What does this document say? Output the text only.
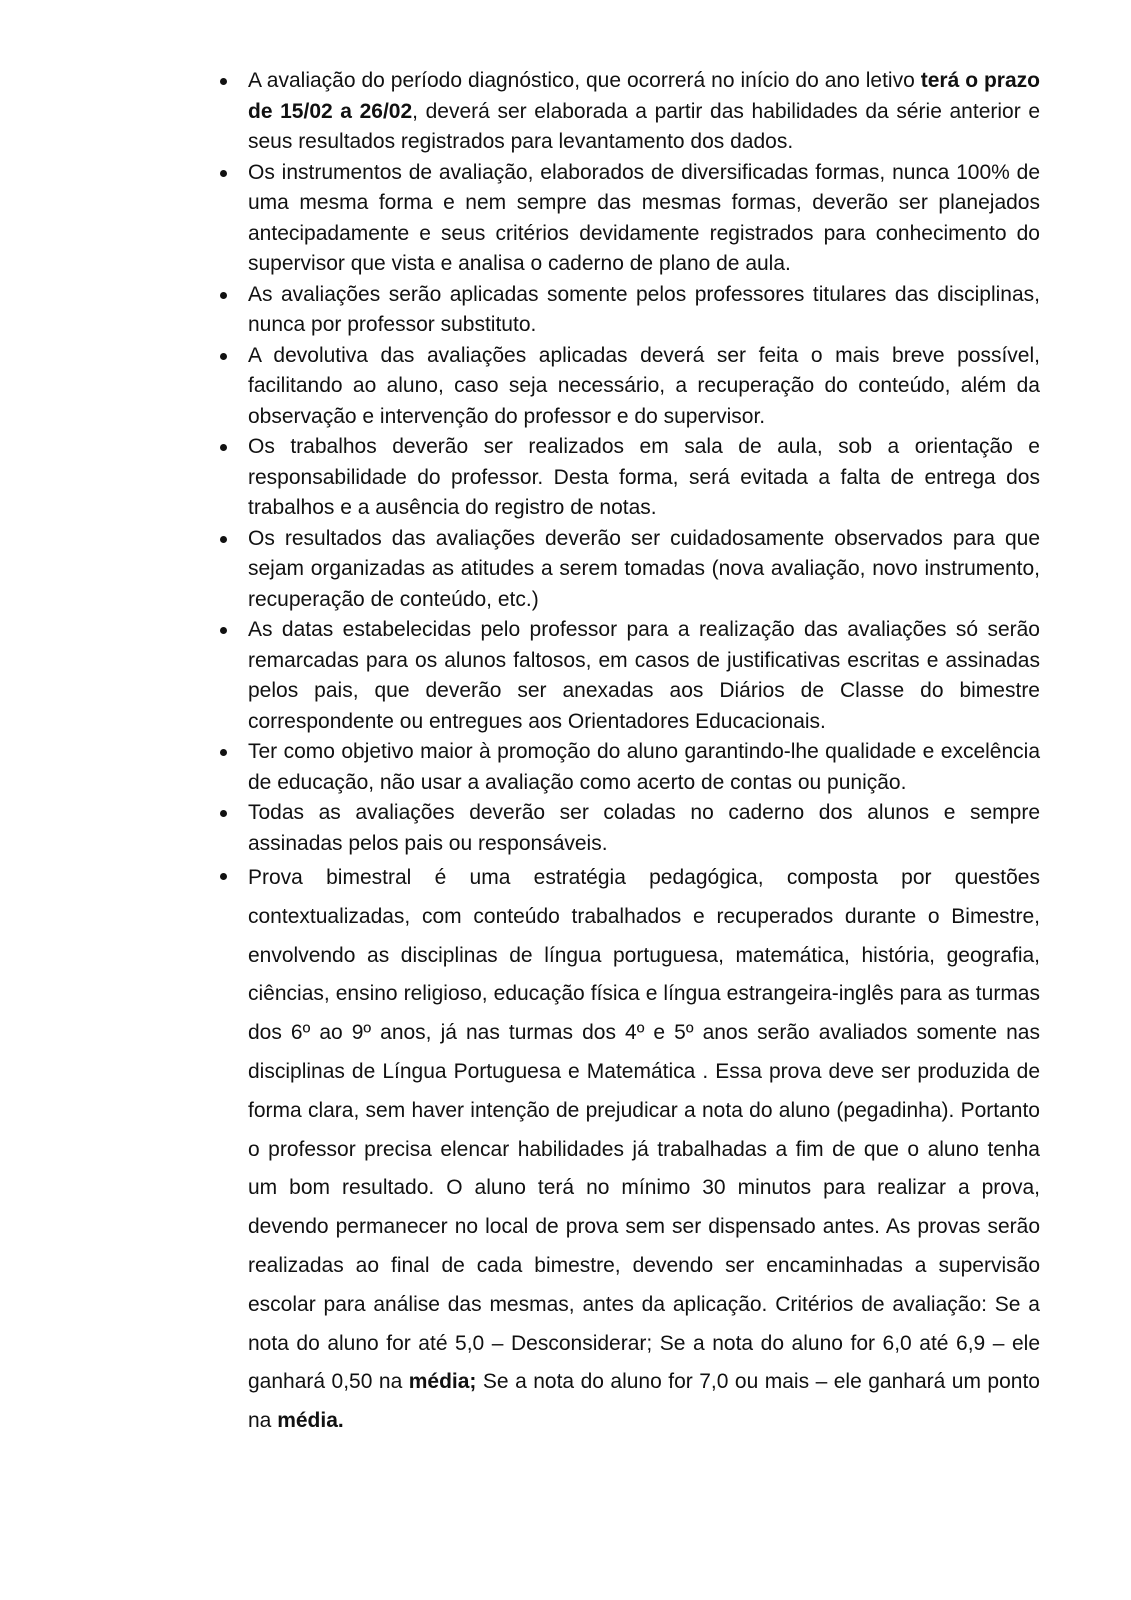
A avaliação do período diagnóstico, que ocorrerá no início do ano letivo terá o prazo de 15/02 a 26/02, deverá ser elaborada a partir das habilidades da série anterior e seus resultados registrados para levantamento dos dados.
Os instrumentos de avaliação, elaborados de diversificadas formas, nunca 100% de uma mesma forma e nem sempre das mesmas formas, deverão ser planejados antecipadamente e seus critérios devidamente registrados para conhecimento do supervisor que vista e analisa o caderno de plano de aula.
As avaliações serão aplicadas somente pelos professores titulares das disciplinas, nunca por professor substituto.
A devolutiva das avaliações aplicadas deverá ser feita o mais breve possível, facilitando ao aluno, caso seja necessário, a recuperação do conteúdo, além da observação e intervenção do professor e do supervisor.
Os trabalhos deverão ser realizados em sala de aula, sob a orientação e responsabilidade do professor. Desta forma, será evitada a falta de entrega dos trabalhos e a ausência do registro de notas.
Os resultados das avaliações deverão ser cuidadosamente observados para que sejam organizadas as atitudes a serem tomadas (nova avaliação, novo instrumento, recuperação de conteúdo, etc.)
As datas estabelecidas pelo professor para a realização das avaliações só serão remarcadas para os alunos faltosos, em casos de justificativas escritas e assinadas pelos pais, que deverão ser anexadas aos Diários de Classe do bimestre correspondente ou entregues aos Orientadores Educacionais.
Ter como objetivo maior à promoção do aluno garantindo-lhe qualidade e excelência de educação, não usar a avaliação como acerto de contas ou punição.
Todas as avaliações deverão ser coladas no caderno dos alunos e sempre assinadas pelos pais ou responsáveis.
Prova bimestral é uma estratégia pedagógica, composta por questões contextualizadas, com conteúdo trabalhados e recuperados durante o Bimestre, envolvendo as disciplinas de língua portuguesa, matemática, história, geografia, ciências, ensino religioso, educação física e língua estrangeira-inglês para as turmas dos 6º ao 9º anos, já nas turmas dos 4º e 5º anos serão avaliados somente nas disciplinas de Língua Portuguesa e Matemática . Essa prova deve ser produzida de forma clara, sem haver intenção de prejudicar a nota do aluno (pegadinha). Portanto o professor precisa elencar habilidades já trabalhadas a fim de que o aluno tenha um bom resultado. O aluno terá no mínimo 30 minutos para realizar a prova, devendo permanecer no local de prova sem ser dispensado antes. As provas serão realizadas ao final de cada bimestre, devendo ser encaminhadas a supervisão escolar para análise das mesmas, antes da aplicação. Critérios de avaliação: Se a nota do aluno for até 5,0 – Desconsiderar; Se a nota do aluno for 6,0 até 6,9 – ele ganhará 0,50 na média; Se a nota do aluno for 7,0 ou mais – ele ganhará um ponto na média.
